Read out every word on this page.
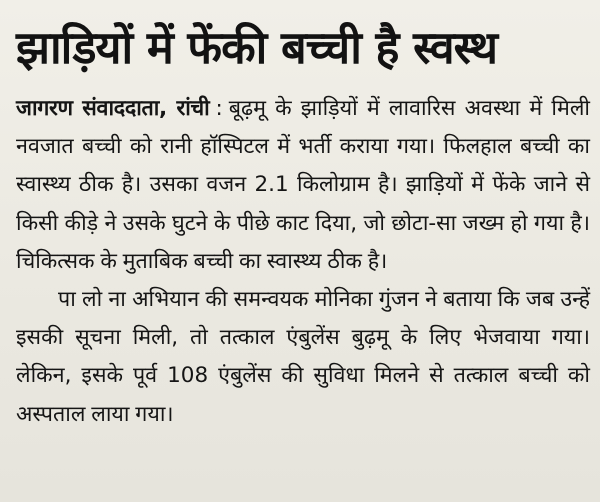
झाड़ियों में फेंकी बच्ची है स्वस्थ

जागरण संवाददाता, रांची : बूढ़मू के झाड़ियों में लावारिस अवस्था में मिली नवजात बच्ची को रानी हॉस्पिटल में भर्ती कराया गया। फिलहाल बच्ची का स्वास्थ्य ठीक है। उसका वजन 2.1 किलोग्राम है। झाड़ियों में फेंके जाने से किसी कीड़े ने उसके घुटने के पीछे काट दिया, जो छोटा-सा जख्म हो गया है। चिकित्सक के मुताबिक बच्ची का स्वास्थ्य ठीक है।

पा लो ना अभियान की समन्वयक मोनिका गुंजन ने बताया कि जब उन्हें इसकी सूचना मिली, तो तत्काल एंबुलेंस बुढ़मू के लिए भेजवाया गया। लेकिन, इसके पूर्व 108 एंबुलेंस की सुविधा मिलने से तत्काल बच्ची को अस्पताल लाया गया।
